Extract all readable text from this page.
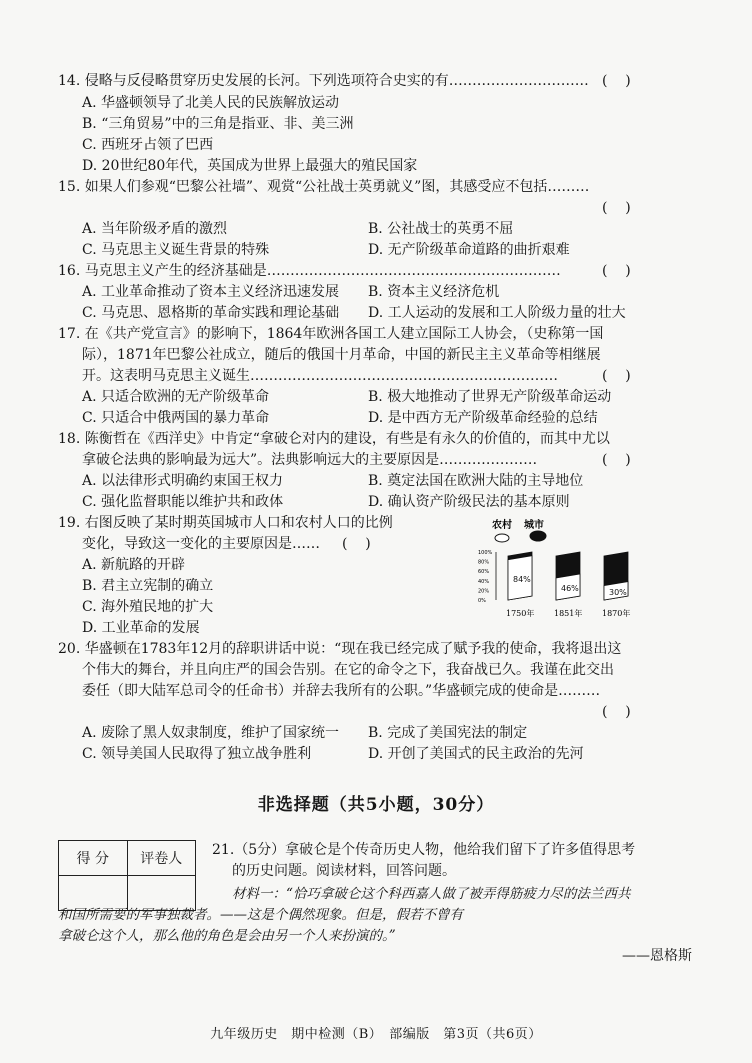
14. 侵略与反侵略贯穿历史发展的长河。下列选项符合史实的有………………………… (    )
A. 华盛顿领导了北美人民的民族解放运动
B. “三角贸易”中的三角是指亚、非、美三洲
C. 西班牙占领了巴西
D. 20世纪80年代，英国成为世界上最强大的殖民国家
15. 如果人们参观“巴黎公社墙”、观赏“公社战士英勇就义”图，其感受应不包括………
(    )
A. 当年阶级矛盾的激烈	B. 公社战士的英勇不屈
C. 马克思主义诞生背景的特殊	D. 无产阶级革命道路的曲折艰难
16. 马克思主义产生的经济基础是………………………………………………………	(    )
A. 工业革命推动了资本主义经济迅速发展 B. 资本主义经济危机
C. 马克思、恩格斯的革命实践和理论基础 D. 工人运动的发展和工人阶级力量的壮大
17. 在《共产党宣言》的影响下，1864年欧洲各国工人建立国际工人协会，（史称第一国
际），1871年巴黎公社成立，随后的俄国十月革命，中国的新民主主义革命等相继展
开。这表明马克思主义诞生…………………………………………………………	(    )
A. 只适合欧洲的无产阶级革命	B. 极大地推动了世界无产阶级革命运动
C. 只适合中俄两国的暴力革命	D. 是中西方无产阶级革命经验的总结
18. 陈衡哲在《西洋史》中肯定“拿破仑对内的建设，有些是有永久的价值的，而其中尤以
拿破仑法典的影响最为远大”。法典影响远大的主要原因是…………………	(    )
A. 以法律形式明确约束国王权力	B. 奠定法国在欧洲大陆的主导地位
C. 强化监督职能以维护共和政体	D. 确认资产阶级民法的基本原则
19. 右图反映了某时期英国城市人口和农村人口的比例
变化，导致这一变化的主要原因是…… (    )
A. 新航路的开辟
B. 君主立宪制的确立
C. 海外殖民地的扩大
D. 工业革命的发展
农村 城市
100%
80%
60%
40%
20%
0%
84%
1750年
46%
1851年
30%
1870年
20. 华盛顿在1783年12月的辞职讲话中说：“现在我已经完成了赋予我的使命，我将退出这
个伟大的舞台，并且向庄严的国会告别。在它的命令之下，我奋战已久。我谨在此交出
委任（即大陆军总司令的任命书）并辞去我所有的公职。”华盛顿完成的使命是………
(    )
A. 废除了黑人奴隶制度，维护了国家统一 B. 完成了美国宪法的制定
C. 领导美国人民取得了独立战争胜利	D. 开创了美国式的民主政治的先河
非选择题（共5小题，30分）
得 分	评卷人

21.（5分）拿破仑是个传奇历史人物，他给我们留下了许多值得思考
的历史问题。阅读材料，回答问题。
材料一：“恰巧拿破仑这个科西嘉人做了被弄得筋疲力尽的法兰西共
和国所需要的军事独裁者。——这是个偶然现象。但是，假若不曾有
拿破仑这个人，那么他的角色是会由另一个人来扮演的。”
——恩格斯
九年级历史　期中检测（B）　部编版　第3页（共6页）
